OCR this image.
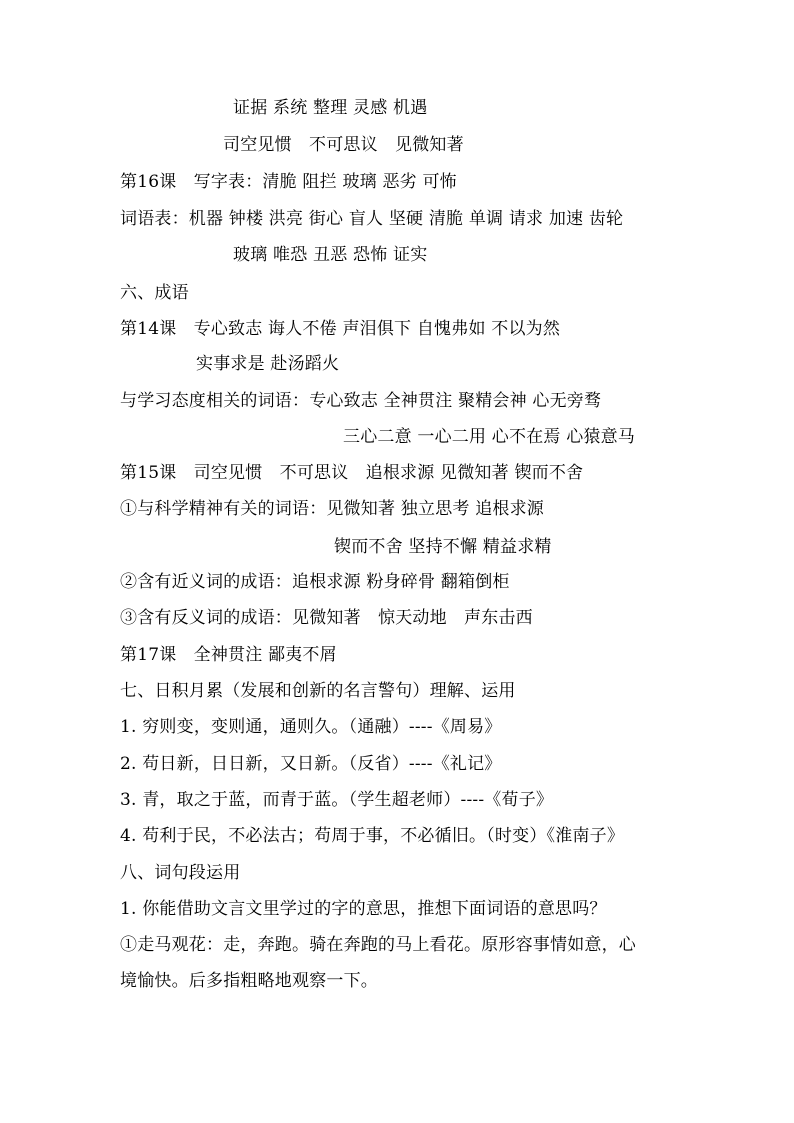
证据 系统 整理 灵感 机遇
司空见惯　不可思议　见微知著
第16课　写字表：清脆 阻拦 玻璃 恶劣 可怖
词语表：机器 钟楼 洪亮 街心 盲人 坚硬 清脆 单调 请求 加速 齿轮
玻璃 唯恐 丑恶 恐怖 证实
六、成语
第14课　专心致志 诲人不倦 声泪俱下 自愧弗如 不以为然
实事求是 赴汤蹈火
与学习态度相关的词语：专心致志 全神贯注 聚精会神 心无旁骛
三心二意 一心二用 心不在焉 心猿意马
第15课　司空见惯　不可思议　追根求源 见微知著 锲而不舍
①与科学精神有关的词语：见微知著 独立思考 追根求源
锲而不舍 坚持不懈 精益求精
②含有近义词的成语：追根求源 粉身碎骨 翻箱倒柜
③含有反义词的成语：见微知著　惊天动地　声东击西
第17课　全神贯注 鄙夷不屑
七、日积月累（发展和创新的名言警句）理解、运用
1. 穷则变，变则通，通则久。（通融）----《周易》
2. 苟日新，日日新，又日新。（反省）----《礼记》
3. 青，取之于蓝，而青于蓝。（学生超老师）----《荀子》
4. 苟利于民，不必法古；苟周于事，不必循旧。（时变）《淮南子》
八、词句段运用
1. 你能借助文言文里学过的字的意思，推想下面词语的意思吗？
①走马观花：走，奔跑。骑在奔跑的马上看花。原形容事情如意，心
境愉快。后多指粗略地观察一下。
